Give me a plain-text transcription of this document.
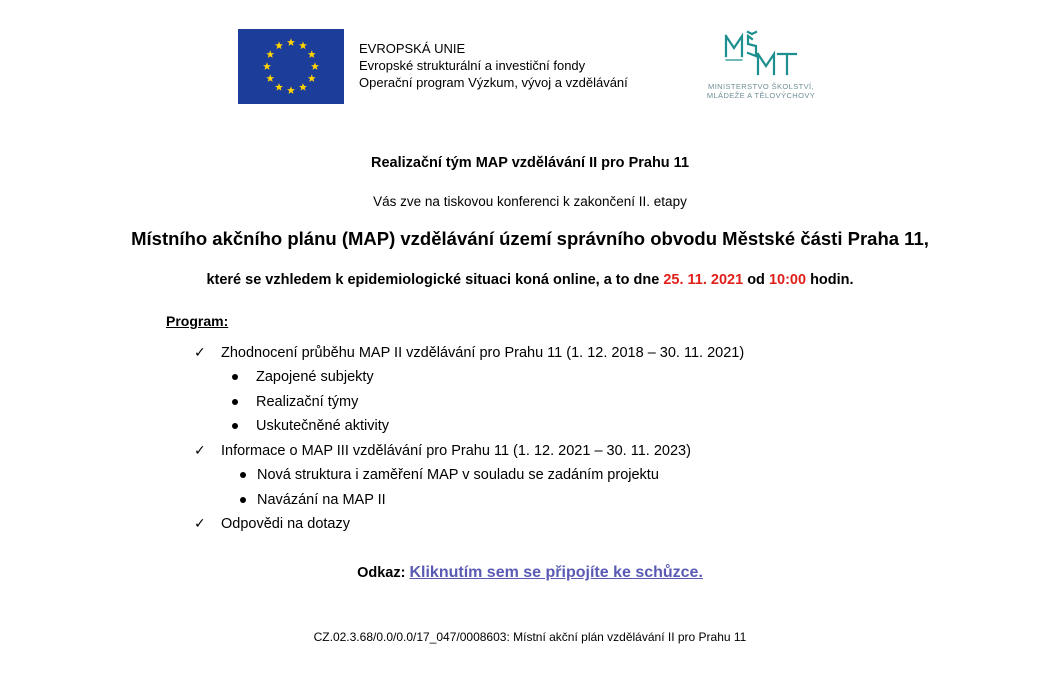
EVROPSKÁ UNIE
Evropské strukturální a investiční fondy
Operační program Výzkum, vývoj a vzdělávání	MINISTERSTVO ŠKOLSTVÍ,
MLÁDEŽE A TĚLOVÝCHOVY
Realizační tým MAP vzdělávání II pro Prahu 11
Vás zve na tiskovou konferenci k zakončení II. etapy
Místního akčního plánu (MAP) vzdělávání území správního obvodu Městské části Praha 11,
které se vzhledem k epidemiologické situaci koná online, a to dne 25. 11. 2021 od 10:00 hodin.
Program:
✓ Zhodnocení průběhu MAP II vzdělávání pro Prahu 11 (1. 12. 2018 – 30. 11. 2021)
Zapojené subjekty
Realizační týmy
Uskutečněné aktivity
✓ Informace o MAP III vzdělávání pro Prahu 11 (1. 12. 2021 – 30. 11. 2023)
Nová struktura i zaměření MAP v souladu se zadáním projektu
Navázání na MAP II
✓ Odpovědi na dotazy
Odkaz: Kliknutím sem se připojíte ke schůzce.
CZ.02.3.68/0.0/0.0/17_047/0008603: Místní akční plán vzdělávání II pro Prahu 11
